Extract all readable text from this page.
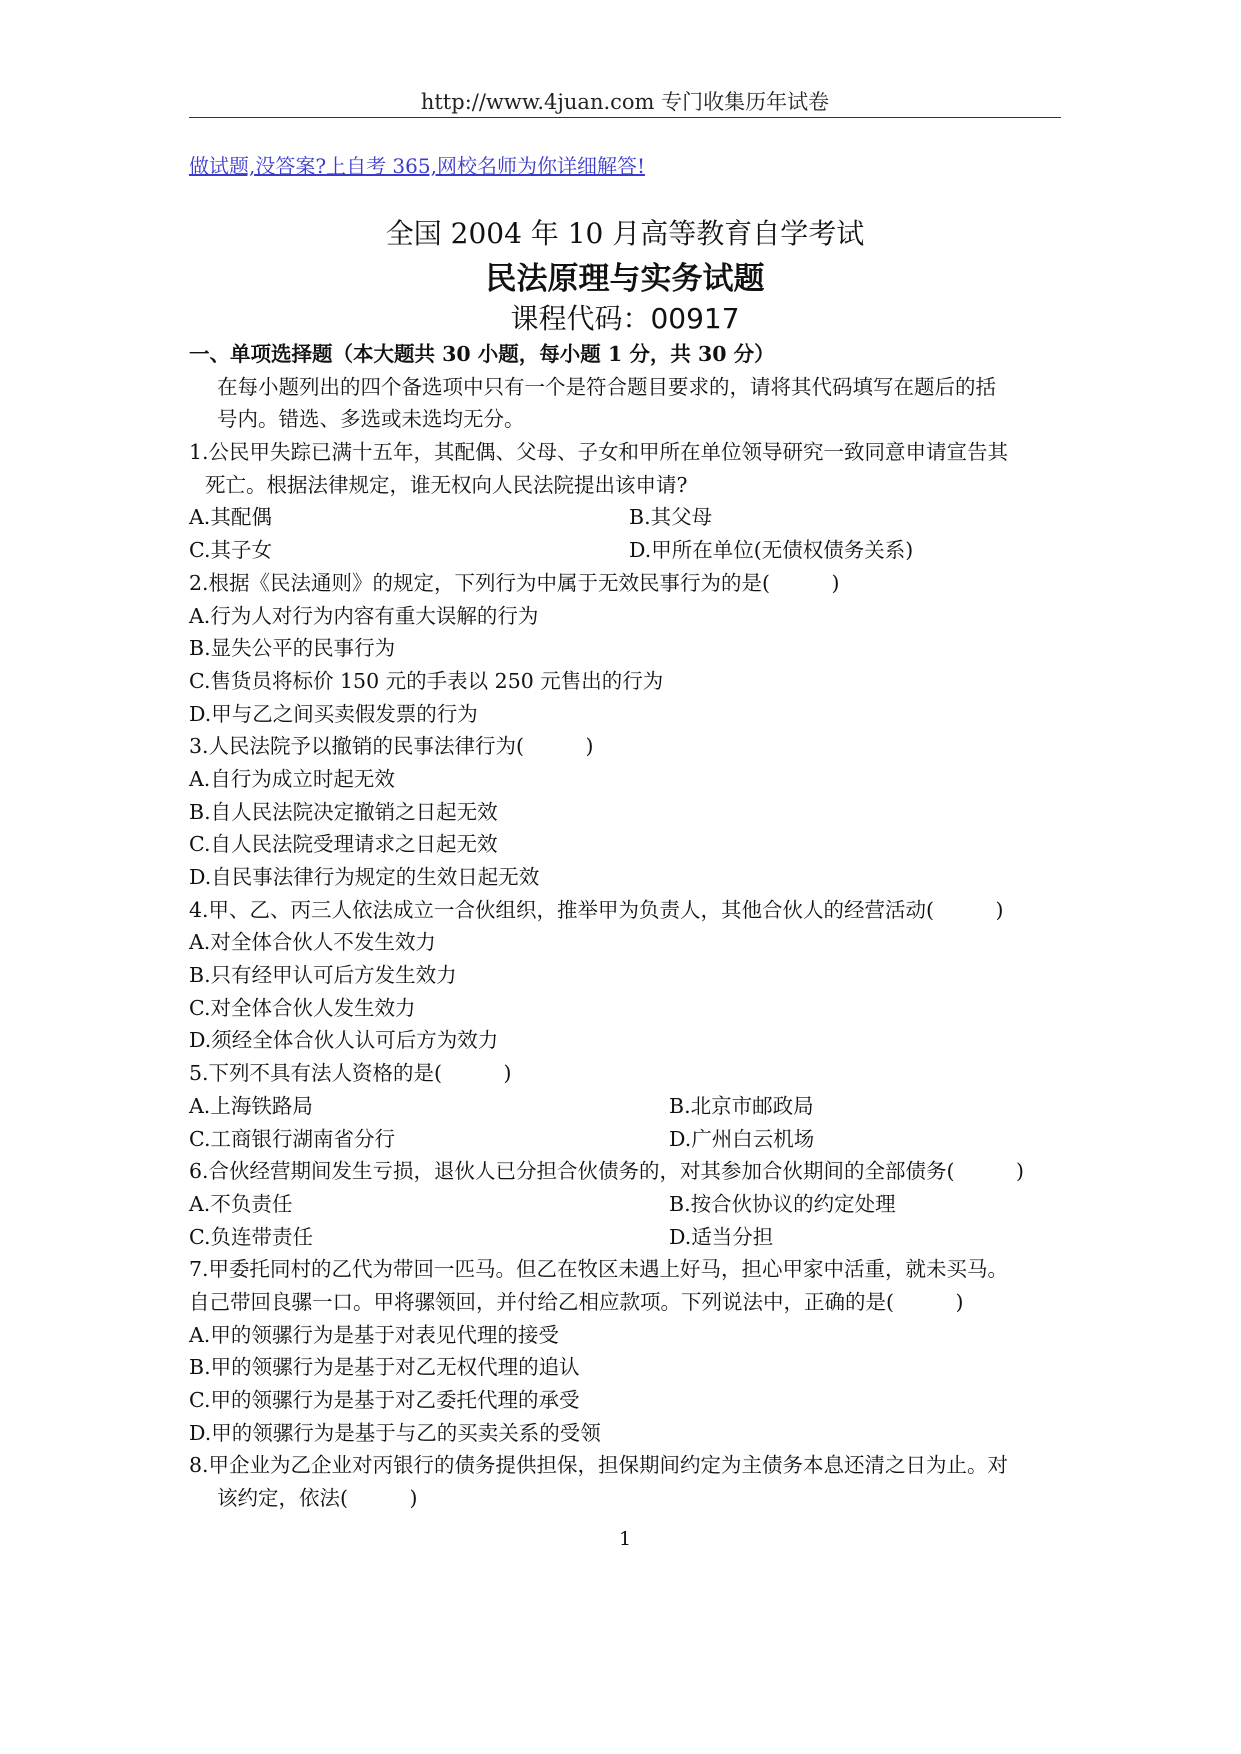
http://www.4juan.com 专门收集历年试卷
做试题,没答案?上自考 365,网校名师为你详细解答!
全国 2004 年 10 月高等教育自学考试
民法原理与实务试题
课程代码：00917
一、单项选择题（本大题共 30 小题，每小题 1 分，共 30 分）
在每小题列出的四个备选项中只有一个是符合题目要求的，请将其代码填写在题后的括
号内。错选、多选或未选均无分。
1.公民甲失踪已满十五年，其配偶、父母、子女和甲所在单位领导研究一致同意申请宣告其
死亡。根据法律规定，谁无权向人民法院提出该申请?
A.其配偶	B.其父母
C.其子女	D.甲所在单位(无债权债务关系)
2.根据《民法通则》的规定，下列行为中属于无效民事行为的是(　　　)
A.行为人对行为内容有重大误解的行为
B.显失公平的民事行为
C.售货员将标价 150 元的手表以 250 元售出的行为
D.甲与乙之间买卖假发票的行为
3.人民法院予以撤销的民事法律行为(　　　)
A.自行为成立时起无效
B.自人民法院决定撤销之日起无效
C.自人民法院受理请求之日起无效
D.自民事法律行为规定的生效日起无效
4.甲、乙、丙三人依法成立一合伙组织，推举甲为负责人，其他合伙人的经营活动(　　　)
A.对全体合伙人不发生效力
B.只有经甲认可后方发生效力
C.对全体合伙人发生效力
D.须经全体合伙人认可后方为效力
5.下列不具有法人资格的是(　　　)
A.上海铁路局	B.北京市邮政局
C.工商银行湖南省分行	D.广州白云机场
6.合伙经营期间发生亏损，退伙人已分担合伙债务的，对其参加合伙期间的全部债务(　　　)
A.不负责任	B.按合伙协议的约定处理
C.负连带责任	D.适当分担
7.甲委托同村的乙代为带回一匹马。但乙在牧区未遇上好马，担心甲家中活重，就未买马。
自己带回良骡一口。甲将骡领回，并付给乙相应款项。下列说法中，正确的是(　　　)
A.甲的领骡行为是基于对表见代理的接受
B.甲的领骡行为是基于对乙无权代理的追认
C.甲的领骡行为是基于对乙委托代理的承受
D.甲的领骡行为是基于与乙的买卖关系的受领
8.甲企业为乙企业对丙银行的债务提供担保，担保期间约定为主债务本息还清之日为止。对
该约定，依法(　　　)
1
